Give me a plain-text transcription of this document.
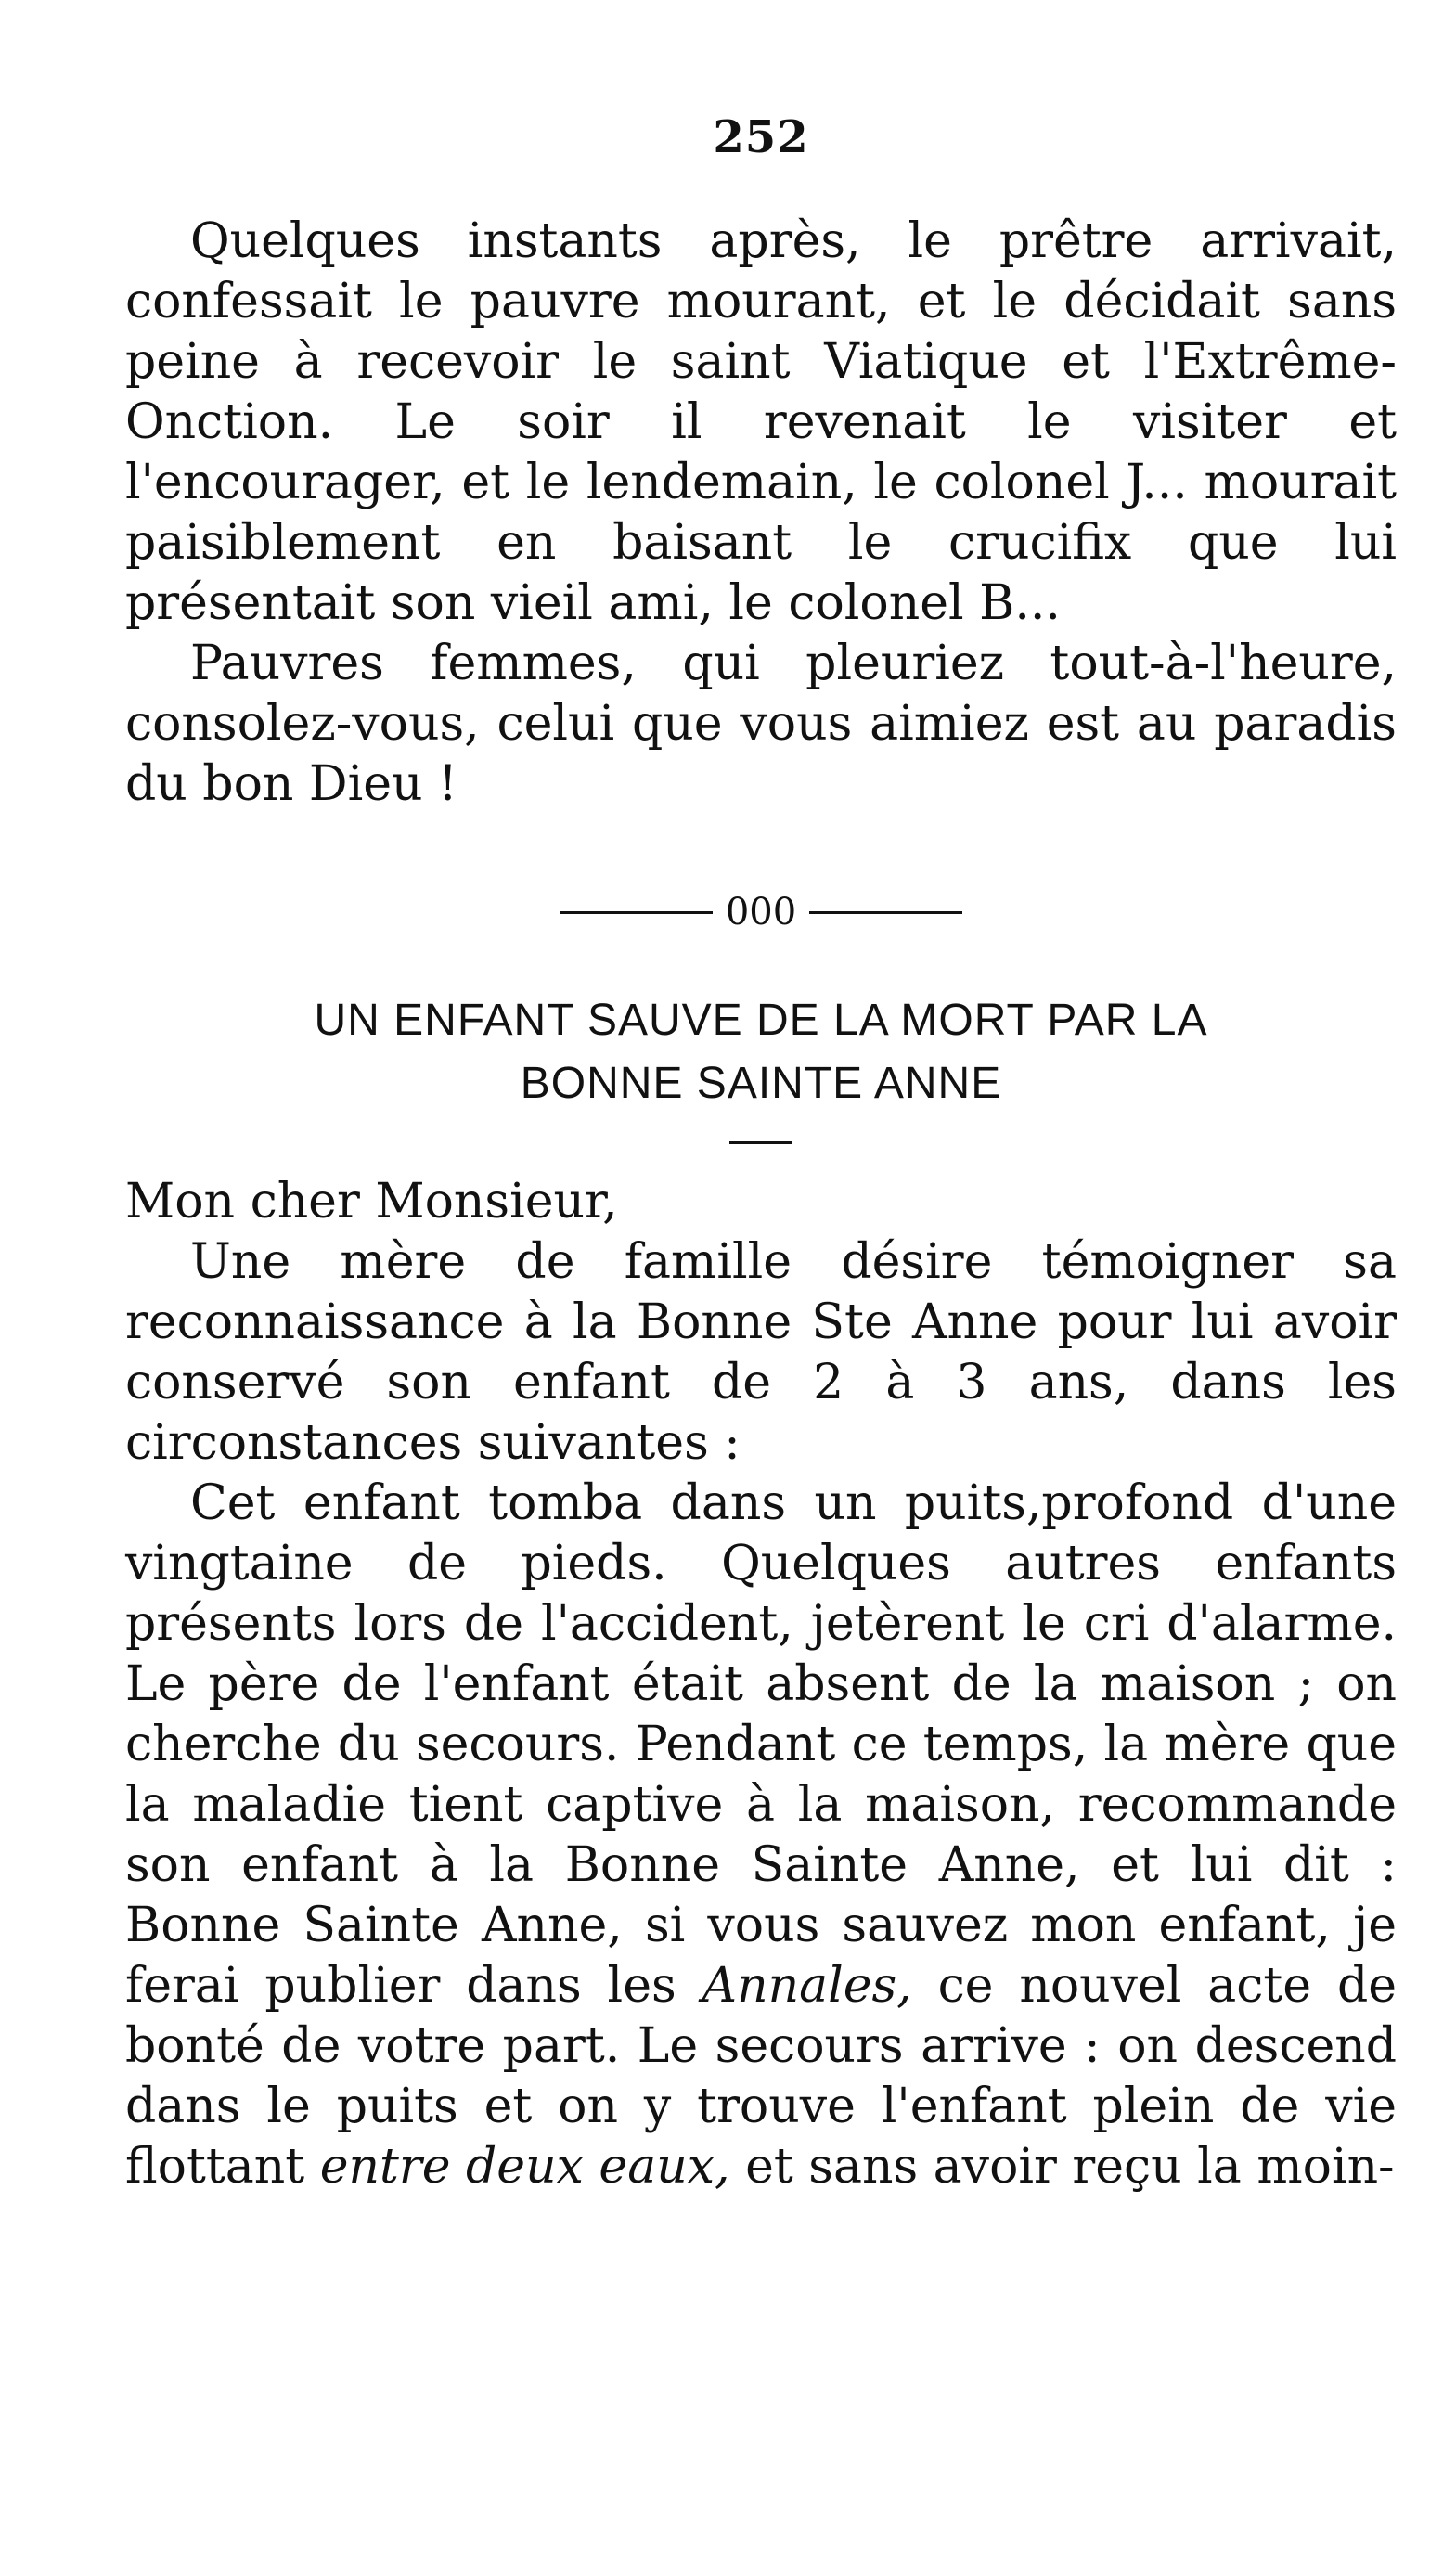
252

Quelques instants après, le prêtre arrivait, confessait le pauvre mourant, et le décidait sans peine à recevoir le saint Viatique et l'Extrême-Onction. Le soir il revenait le visiter et l'encourager, et le lendemain, le colonel J... mourait paisiblement en baisant le crucifix que lui présentait son vieil ami, le colonel B...

Pauvres femmes, qui pleuriez tout-à-l'heure, consolez-vous, celui que vous aimiez est au paradis du bon Dieu !

000

UN ENFANT SAUVE DE LA MORT PAR LA

BONNE SAINTE ANNE

Mon cher Monsieur,

Une mère de famille désire témoigner sa reconnaissance à la Bonne Ste Anne pour lui avoir conservé son enfant de 2 à 3 ans, dans les circonstances suivantes :

Cet enfant tomba dans un puits,profond d'une vingtaine de pieds. Quelques autres enfants présents lors de l'accident, jetèrent le cri d'alarme. Le père de l'enfant était absent de la maison ; on cherche du secours. Pendant ce temps, la mère que la maladie tient captive à la maison, recommande son enfant à la Bonne Sainte Anne, et lui dit : Bonne Sainte Anne, si vous sauvez mon enfant, je ferai publier dans les Annales, ce nouvel acte de bonté de votre part. Le secours arrive : on descend dans le puits et on y trouve l'enfant plein de vie flottant entre deux eaux, et sans avoir reçu la moin-
